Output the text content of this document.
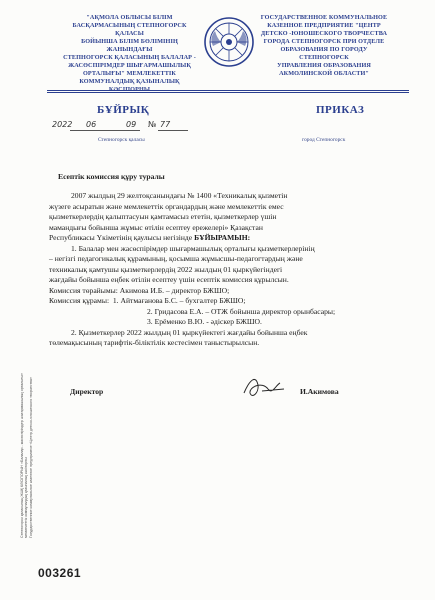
"АҚМОЛА ОБЛЫСЫ БІЛІМ
БАСҚАРМАСЫНЫҢ СТЕПНОГОРСК ҚАЛАСЫ
БОЙЫНША БІЛІМ БӨЛІМІНІҢ ЖАНЫНДАҒЫ
СТЕПНОГОРСК ҚАЛАСЫНЫҢ БАЛАЛАР -
ЖАСӨСПІРІМДЕР ШЫҒАРМАШЫЛЫҚ
ОРТАЛЫҒЫ" МЕМЛЕКЕТТІК
КОММУНАЛДЫҚ ҚАЗЫНАЛЫҚ
ГОСУДАРСТВЕННОЕ КОММУНАЛЬНОЕ
КАЗЕННОЕ ПРЕДПРИЯТИЕ "ЦЕНТР
ДЕТСКО -ЮНОШЕСКОГО ТВОРЧЕСТВА
ГОРОДА СТЕПНОГОРСК ПРИ ОТДЕЛЕ
ОБРАЗОВАНИЯ ПО ГОРОДУ СТЕПНОГОРСК
УПРАВЛЕНИЯ ОБРАЗОВАНИЯ
АКМОЛИНСКОЙ ОБЛАСТИ"
БҰЙРЫҚ	ПРИКАЗ
2022 06	09 № 77
Степногорск қаласы	город Степногорск
Есептік комиссия құру туралы
2007 жылдың 29 желтоқсанындағы № 1400 «Техникалық қызметін
жүзеге асыратын және мемлекеттік органдардың және мемлекеттік емес
қызметкерлердің қалыптасуын қамтамасыз ететін, қызметкерлер үшін
мамандығы бойынша жұмыс өтілін есептеу ережелері» Қазақстан
Республикасы Үкіметінің қаулысы негізінде БҰЙЫРАМЫН:
1. Балалар мен жасөспірімдер шығармашылық орталығы қызметкерлерінің
– негізгі педагогикалық құрамының, қосымша жұмысшы-педагогтардың және
техникалық қамтушы қызметкерлердің 2022 жылдың 01 қыркүйегіндегі
жағдайы бойынша еңбек өтілін есептеу үшін есептік комиссия құрылсын.
Комиссия төрайымы: Акимова И.Б. – директор БЖШО;
Комиссия құрамы: 1. Айтмағанова Б.С. – бухгалтер БЖШО;
2. Гридасова Е.А. – ОТЖ бойынша директор орынбасары;
3. Ерёменко В.Ю. - әдіскер БЖШО.
2. Қызметкерлер 2022 жылдың 01 қыркүйектегі жағдайы бойынша еңбек
төлемақысының тарифтік-біліктілік кестесімен таныстырылсын.
Директор	И.Акимова
Степногорск қаласының ЖШҚ КӘСІПОРЫН «Балалар - жасөспірімдер шығармашылық орталығы» мемлекеттік коммуналдық қазыналық кәсіпорны Государственное коммунальное казенное предприятие «Центр детско-юношеского творчества»
003261
